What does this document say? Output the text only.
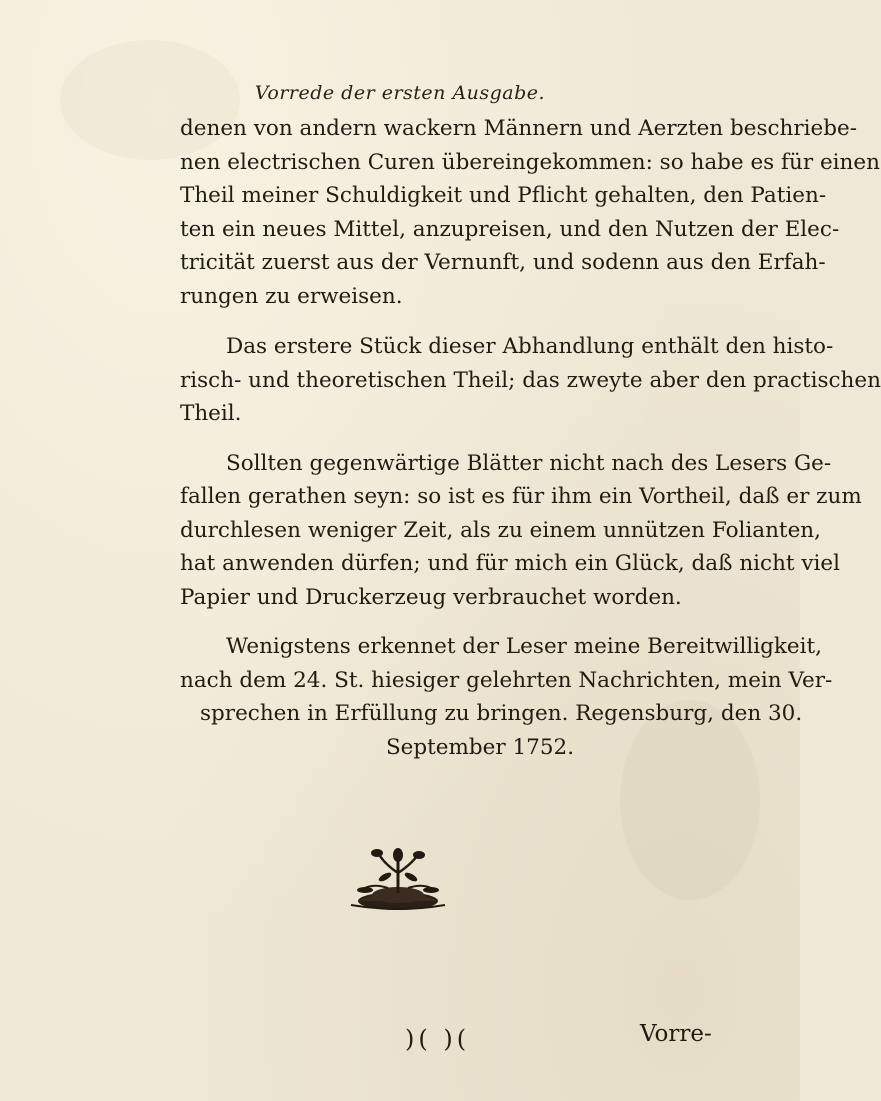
Vorrede der ersten Ausgabe.

denen von andern wackern Männern und Aerzten beschriebe-
nen electrischen Curen übereingekommen: so habe es für einen
Theil meiner Schuldigkeit und Pflicht gehalten, den Patien-
ten ein neues Mittel, anzupreisen, und den Nutzen der Elec-
tricität zuerst aus der Vernunft, und sodenn aus den Erfah-
rungen zu erweisen.

Das erstere Stück dieser Abhandlung enthält den histo-
risch- und theoretischen Theil; das zweyte aber den practischen
Theil.

Sollten gegenwärtige Blätter nicht nach des Lesers Ge-
fallen gerathen seyn: so ist es für ihm ein Vortheil, daß er zum
durchlesen weniger Zeit, als zu einem unnützen Folianten,
hat anwenden dürfen; und für mich ein Glück, daß nicht viel
Papier und Druckerzeug verbrauchet worden.

Wenigstens erkennet der Leser meine Bereitwilligkeit,
nach dem 24. St. hiesiger gelehrten Nachrichten, mein Ver-
sprechen in Erfüllung zu bringen. Regensburg, den 30.
September 1752.

)( )(	Vorre-
